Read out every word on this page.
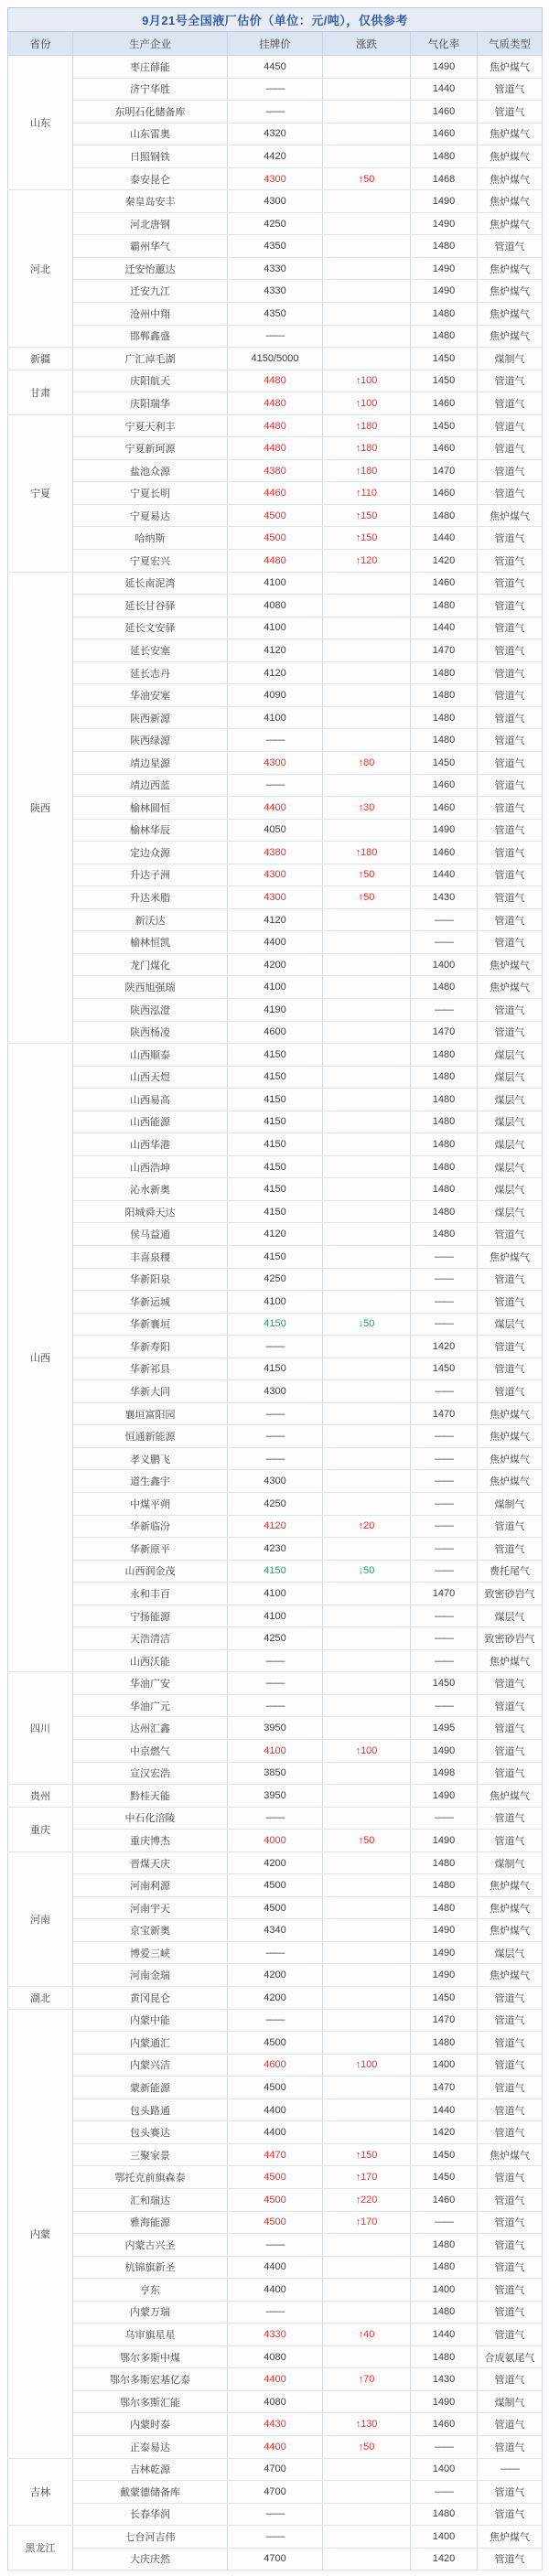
9月21号全国液厂估价（单位：元/吨），仅供参考					
省份	生产企业	挂牌价	涨跌	气化率	气质类型
山东	枣庄薛能	4450		1490	焦炉煤气
	济宁华胜	——		1440	管道气
	东明石化储备库	——		1460	管道气
	山东雷奥	4320		1460	焦炉煤气
	日照钢铁	4420		1480	焦炉煤气
	泰安昆仑	4300	↑50	1468	焦炉煤气
河北	秦皇岛安丰	4300		1490	焦炉煤气
	河北唐钢	4250		1490	焦炉煤气
	霸州华气	4350		1480	管道气
	迁安怡蕙达	4330		1490	焦炉煤气
	迁安九江	4330		1490	焦炉煤气
	沧州中翔	4350		1480	焦炉煤气
	邯郸鑫盛	——		1480	焦炉煤气
新疆	广汇淖毛湖	4150/5000		1450	煤制气
甘肃	庆阳航天	4480	↑100	1450	管道气
	庆阳瑞华	4480	↑100	1460	管道气
宁夏	宁夏天利丰	4480	↑180	1450	管道气
	宁夏新珂源	4480	↑180	1460	管道气
	盐池众源	4380	↑180	1470	管道气
	宁夏长明	4460	↑110	1460	管道气
	宁夏易达	4500	↑150	1480	焦炉煤气
	哈纳斯	4500	↑150	1440	管道气
	宁夏宏兴	4480	↑120	1420	管道气
陕西	延长南泥湾	4100		1460	管道气
	延长甘谷驿	4080		1480	管道气
	延长文安驿	4100		1440	管道气
	延长安塞	4120		1470	管道气
	延长志丹	4120		1480	管道气
	华油安塞	4090		1480	管道气
	陕西新源	4100		1480	管道气
	陕西绿源	——		1480	管道气
	靖边星源	4300	↑80	1450	管道气
	靖边西蓝	——		1460	管道气
	榆林圆恒	4400	↑30	1460	管道气
	榆林华辰	4050		1490	管道气
	定边众源	4380	↑180	1460	管道气
	升达子洲	4300	↑50	1440	管道气
	升达米脂	4300	↑50	1430	管道气
	新沃达	4120		——	管道气
	榆林恒凯	4400		——	管道气
	龙门煤化	4200		1400	焦炉煤气
	陕西旭强瑞	4100		1480	焦炉煤气
	陕西泓澄	4190		——	管道气
	陕西杨凌	4600		1470	管道气
山西	山西顺泰	4150		1480	煤层气
	山西天煜	4150		1480	煤层气
	山西易高	4150		1480	煤层气
	山西能源	4150		1480	煤层气
	山西华港	4150		1480	煤层气
	山西浩坤	4150		1480	煤层气
	沁水新奥	4150		1480	煤层气
	阳城舜天达	4150		1480	煤层气
	侯马益通	4120		1480	管道气
	丰喜泉稷	4150		——	焦炉煤气
	华新阳泉	4250		——	管道气
	华新运城	4100		——	管道气
	华新襄垣	4150	↓50	——	煤层气
	华新寿阳	——		1420	管道气
	华新祁县	4150		1450	管道气
	华新大同	4300		——	管道气
	襄垣富阳园	——		1470	焦炉煤气
	恒通新能源	——		——	焦炉煤气
	孝义鹏飞	——		——	焦炉煤气
	道生鑫宇	4300		——	焦炉煤气
	中煤平朔	4250		——	煤制气
	华新临汾	4120	↑20	——	管道气
	华新原平	4230		——	管道气
	山西润金茂	4150	↓50	——	费托尾气
	永和丰百	4100		1470	致密砂岩气
	宁扬能源	4100		——	煤层气
	天浩清洁	4250		——	致密砂岩气
	山西沃能	——		——	焦炉煤气
四川	华油广安	——		1450	管道气
	华油广元	——		——	管道气
	达州汇鑫	3950		1495	管道气
	中京燃气	4100	↑100	1490	管道气
	宣汉宏浩	3850		1498	管道气
贵州	黔桂天能	3950		1490	焦炉煤气
重庆	中石化涪陵	——		——	管道气
	重庆博杰	4000	↑50	1490	管道气
河南	晋煤天庆	4200		1480	煤制气
	河南利源	4500		1480	焦炉煤气
	河南宇天	4500		1480	焦炉煤气
	京宝新奥	4340		1490	焦炉煤气
	博爱三峡	——		1490	煤层气
	河南金瑞	4200		1490	焦炉煤气
湖北	黄冈昆仑	4200		1450	管道气
内蒙	内蒙中能	——		1470	管道气
	内蒙通汇	4500		1480	管道气
	内蒙兴洁	4600	↑100	1400	管道气
	蒙新能源	4500		1470	管道气
	包头路通	4400		1440	管道气
	包头赛达	4400		1420	管道气
	三聚家景	4470	↑150	1450	焦炉煤气
	鄂托克前旗森泰	4500	↑170	1450	管道气
	汇和瑞达	4500	↑220	1460	管道气
	雅海能源	4500	↑170	——	管道气
	内蒙古兴圣	——		1480	管道气
	杭锦旗新圣	4400		1480	管道气
	亨东	4400		1400	管道气
	内蒙万瑞	——		1480	管道气
	乌审旗星星	4330	↑40	1440	管道气
	鄂尔多斯中煤	4080		1480	合成氨尾气
	鄂尔多斯宏基亿泰	4400	↑70	1430	管道气
	鄂尔多斯汇能	4080		1490	煤制气
	内蒙时泰	4430	↑130	1460	管道气
	正泰易达	4400	↑50	——	管道气
吉林	吉林乾源	4700		1400	——
	戴蒙德储备库	4700		——	管道气
	长春华润	——		1480	管道气
黑龙江	七台河吉伟	——		1400	焦炉煤气
	大庆庆然	4700		1420	管道气
